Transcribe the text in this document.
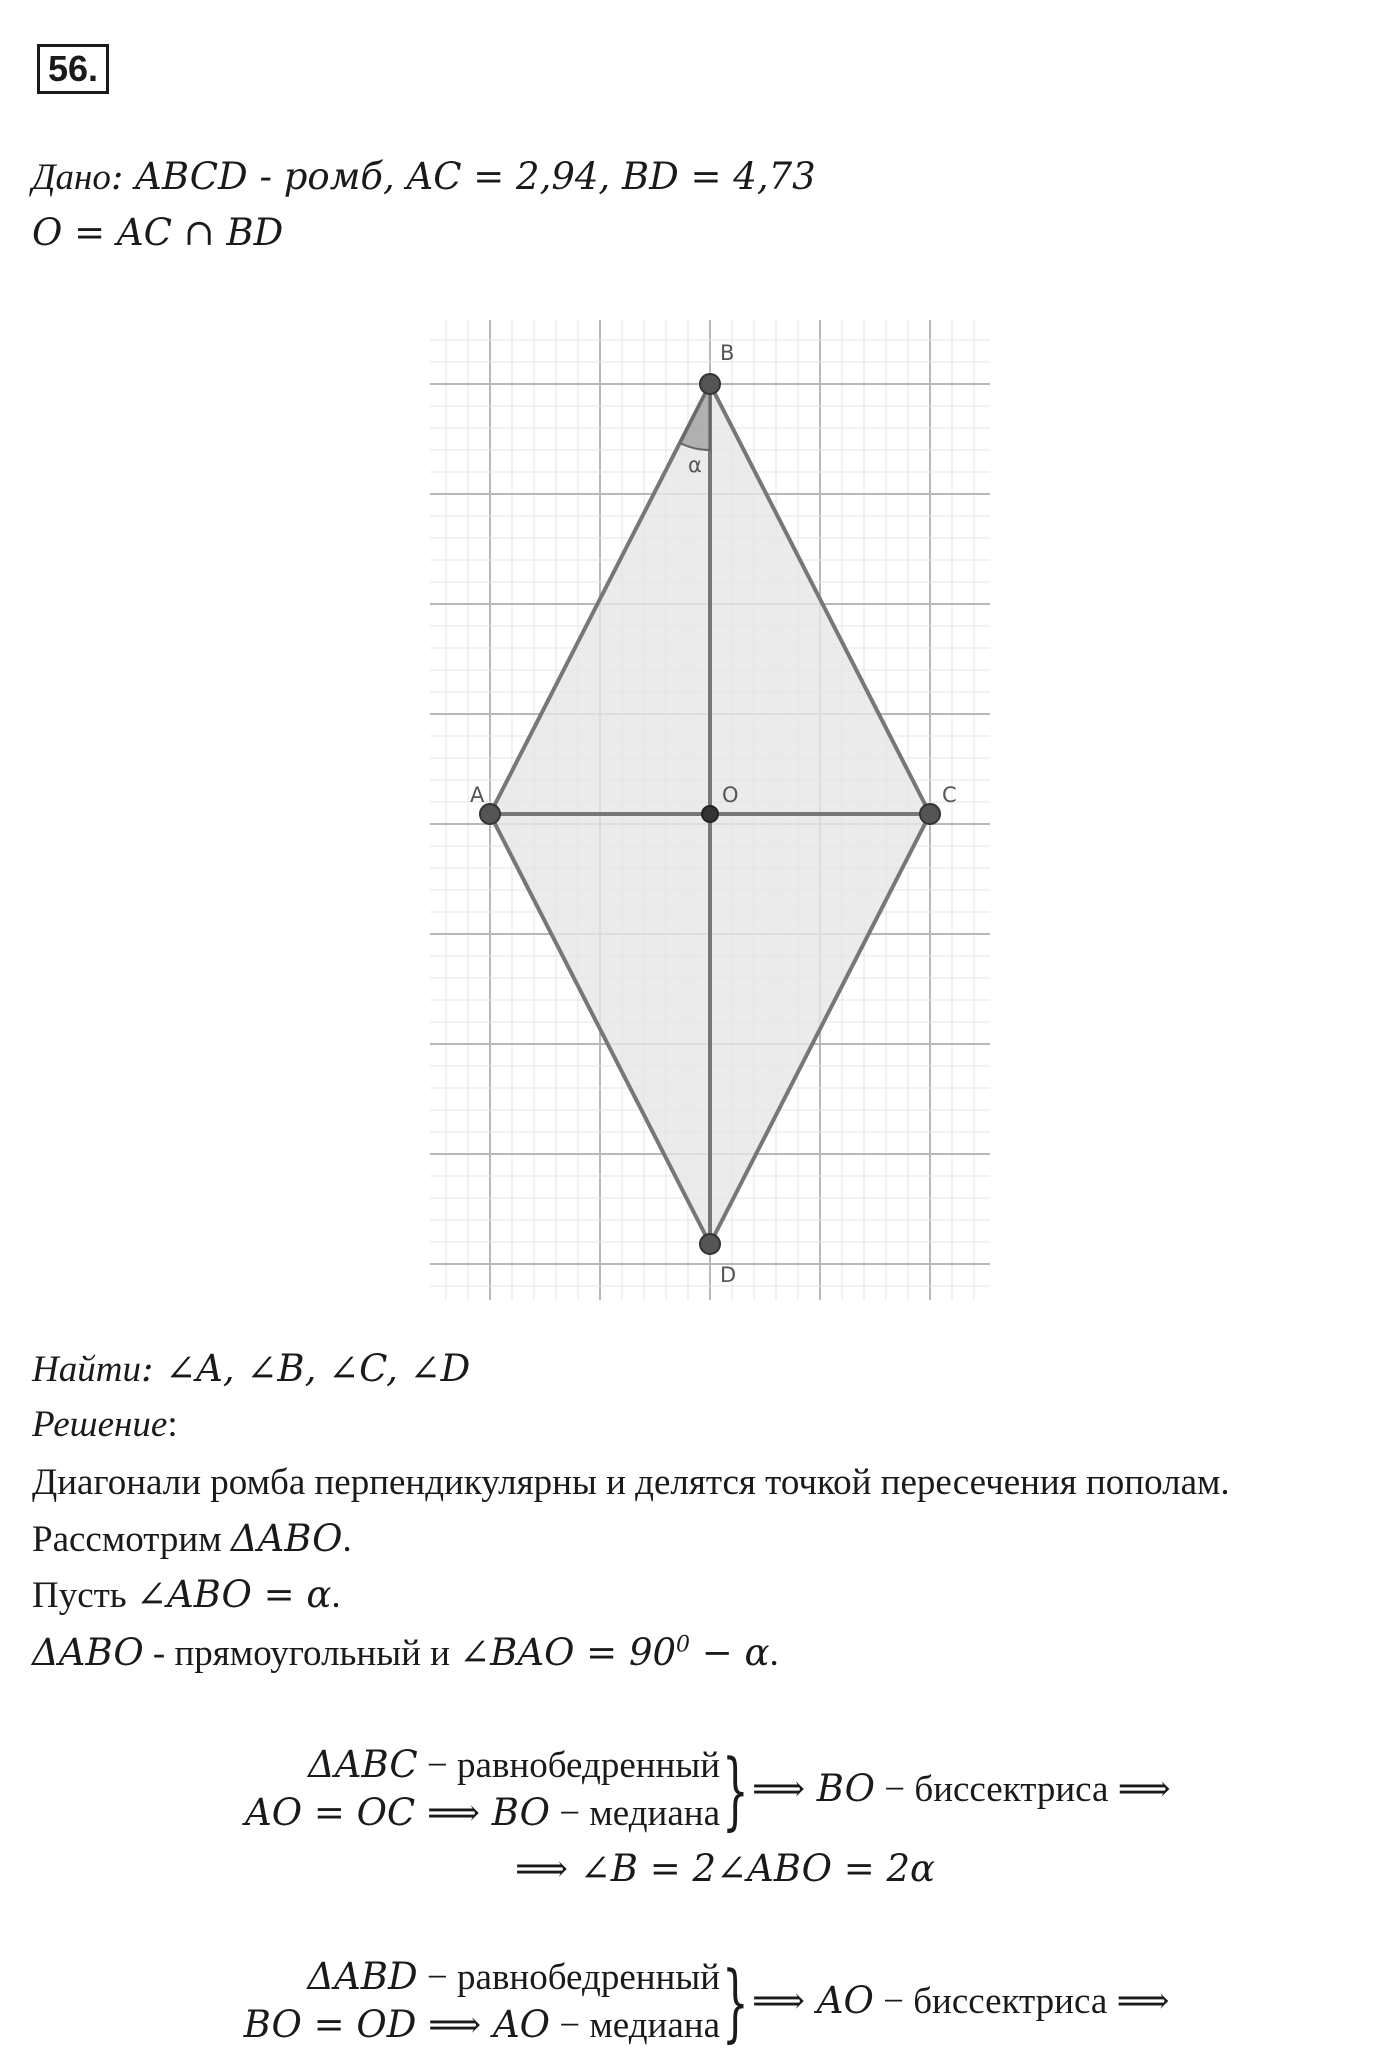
56.
Дано: ABCD - ромб, AC = 2,94, BD = 4,73
O = AC ∩ BD
α
A
B
C
D
O
Найти: ∠A, ∠B, ∠C, ∠D
Решение:
Диагонали ромба перпендикулярны и делятся точкой пересечения пополам.
Рассмотрим ΔABO.
Пусть ∠ABO = α.
ΔABO - прямоугольный и ∠BAO = $90^0 - \alpha$.
ΔABC − равнобедренный
AO = OC ⟹ BO − медиана } ⟹ BO − биссектриса ⟹
⟹ ∠B = 2∠ABO = 2α
ΔABD − равнобедренный
BO = OD ⟹ AO − медиана } ⟹ AO − биссектриса ⟹
